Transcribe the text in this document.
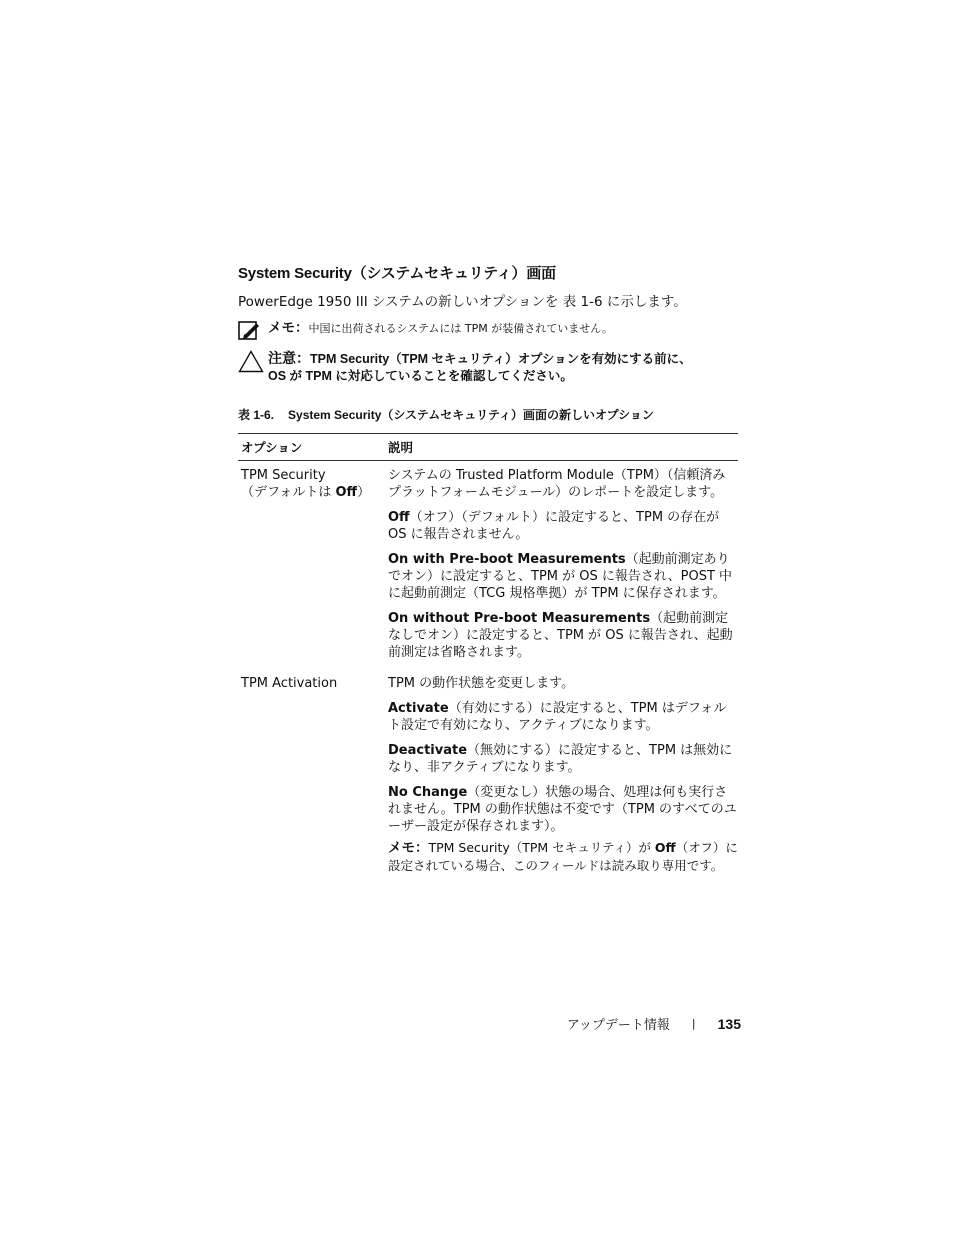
System Security（システムセキュリティ）画面

PowerEdge 1950 III システムの新しいオプションを 表 1-6 に示します。

メモ：中国に出荷されるシステムには TPM が装備されていません。
注意：TPM Security（TPM セキュリティ）オプションを有効にする前に、
OS が TPM に対応していることを確認してください。
表 1-6. System Security（システムセキュリティ）画面の新しいオプション
オプション	説明
TPM Security
（デフォルトは Off）

システムの Trusted Platform Module（TPM）（信頼済みプラットフォームモジュール）のレポートを設定します。

Off（オフ）（デフォルト）に設定すると、TPM の存在が OS に報告されません。

On with Pre-boot Measurements（起動前測定ありでオン）に設定すると、TPM が OS に報告され、POST 中に起動前測定（TCG 規格準拠）が TPM に保存されます。

On without Pre-boot Measurements（起動前測定なしでオン）に設定すると、TPM が OS に報告され、起動前測定は省略されます。

TPM Activation	TPM の動作状態を変更します。

Activate（有効にする）に設定すると、TPM はデフォルト設定で有効になり、アクティブになります。

Deactivate（無効にする）に設定すると、TPM は無効になり、非アクティブになります。

No Change（変更なし）状態の場合、処理は何も実行されません。TPM の動作状態は不変です（TPM のすべてのユーザー設定が保存されます）。

メモ：TPM Security（TPM セキュリティ）が Off（オフ）に設定されている場合、このフィールドは読み取り専用です。
アップデート情報 | 135
